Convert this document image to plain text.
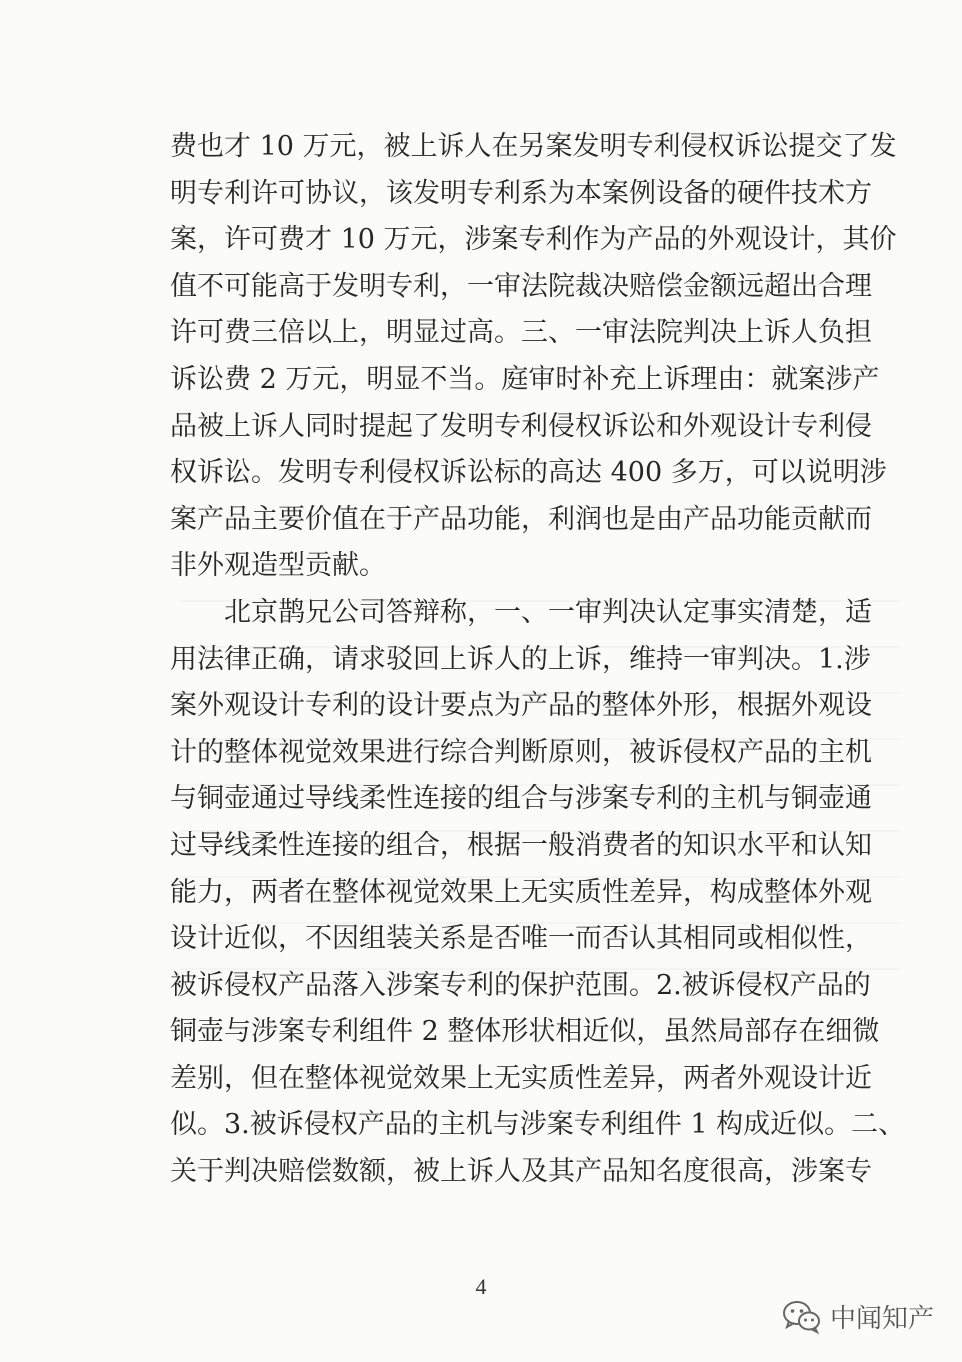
费也才 10 万元，被上诉人在另案发明专利侵权诉讼提交了发
明专利许可协议，该发明专利系为本案例设备的硬件技术方
案，许可费才 10 万元，涉案专利作为产品的外观设计，其价
值不可能高于发明专利，一审法院裁决赔偿金额远超出合理
许可费三倍以上，明显过高。三、一审法院判决上诉人负担
诉讼费 2 万元，明显不当。庭审时补充上诉理由：就案涉产
品被上诉人同时提起了发明专利侵权诉讼和外观设计专利侵
权诉讼。发明专利侵权诉讼标的高达 400 多万，可以说明涉
案产品主要价值在于产品功能，利润也是由产品功能贡献而
非外观造型贡献。
北京鹊兄公司答辩称，一、一审判决认定事实清楚，适
用法律正确，请求驳回上诉人的上诉，维持一审判决。1.涉
案外观设计专利的设计要点为产品的整体外形，根据外观设
计的整体视觉效果进行综合判断原则，被诉侵权产品的主机
与铜壶通过导线柔性连接的组合与涉案专利的主机与铜壶通
过导线柔性连接的组合，根据一般消费者的知识水平和认知
能力，两者在整体视觉效果上无实质性差异，构成整体外观
设计近似，不因组装关系是否唯一而否认其相同或相似性，
被诉侵权产品落入涉案专利的保护范围。2.被诉侵权产品的
铜壶与涉案专利组件 2 整体形状相近似，虽然局部存在细微
差别，但在整体视觉效果上无实质性差异，两者外观设计近
似。3.被诉侵权产品的主机与涉案专利组件 1 构成近似。二、
关于判决赔偿数额，被上诉人及其产品知名度很高，涉案专
4
中闻知产
